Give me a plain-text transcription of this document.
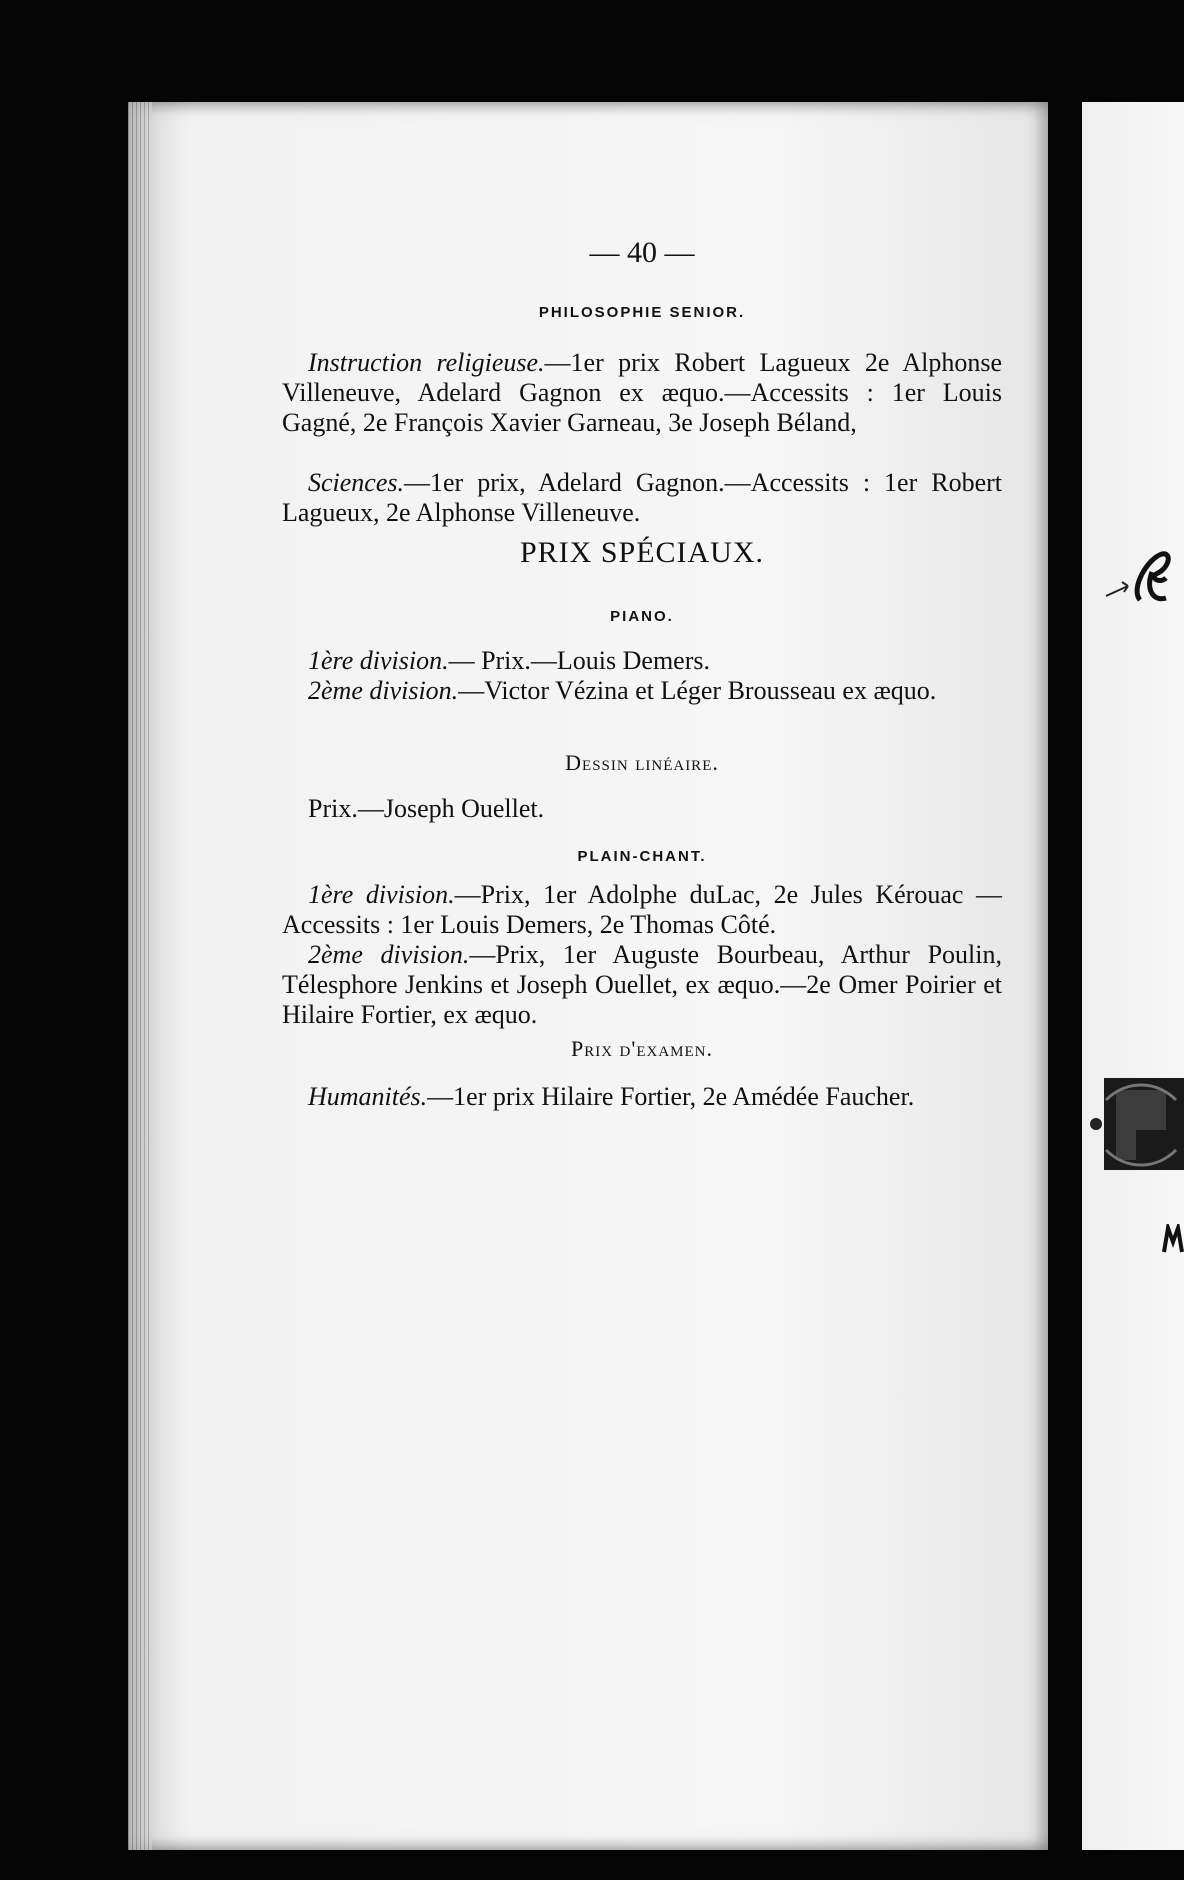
— 40 —
PHILOSOPHIE SENIOR.
Instruction religieuse.—1er prix Robert Lagueux 2e Alphonse Villeneuve, Adelard Gagnon ex æquo.—Accessits : 1er Louis Gagné, 2e François Xavier Garneau, 3e Joseph Béland,
Sciences.—1er prix, Adelard Gagnon.—Accessits : 1er Robert Lagueux, 2e Alphonse Villeneuve.
PRIX SPÉCIAUX.
PIANO.
1ère division.— Prix.—Louis Demers.
2ème division.—Victor Vézina et Léger Brousseau ex æquo.
Dessin linéaire.
Prix.—Joseph Ouellet.
PLAIN-CHANT.
1ère division.—Prix, 1er Adolphe duLac, 2e Jules Kérouac —Accessits : 1er Louis Demers, 2e Thomas Côté.
2ème division.—Prix, 1er Auguste Bourbeau, Arthur Poulin, Télesphore Jenkins et Joseph Ouellet, ex æquo.—2e Omer Poirier et Hilaire Fortier, ex æquo.
Prix d'examen.
Humanités.—1er prix Hilaire Fortier, 2e Amédée Faucher.
